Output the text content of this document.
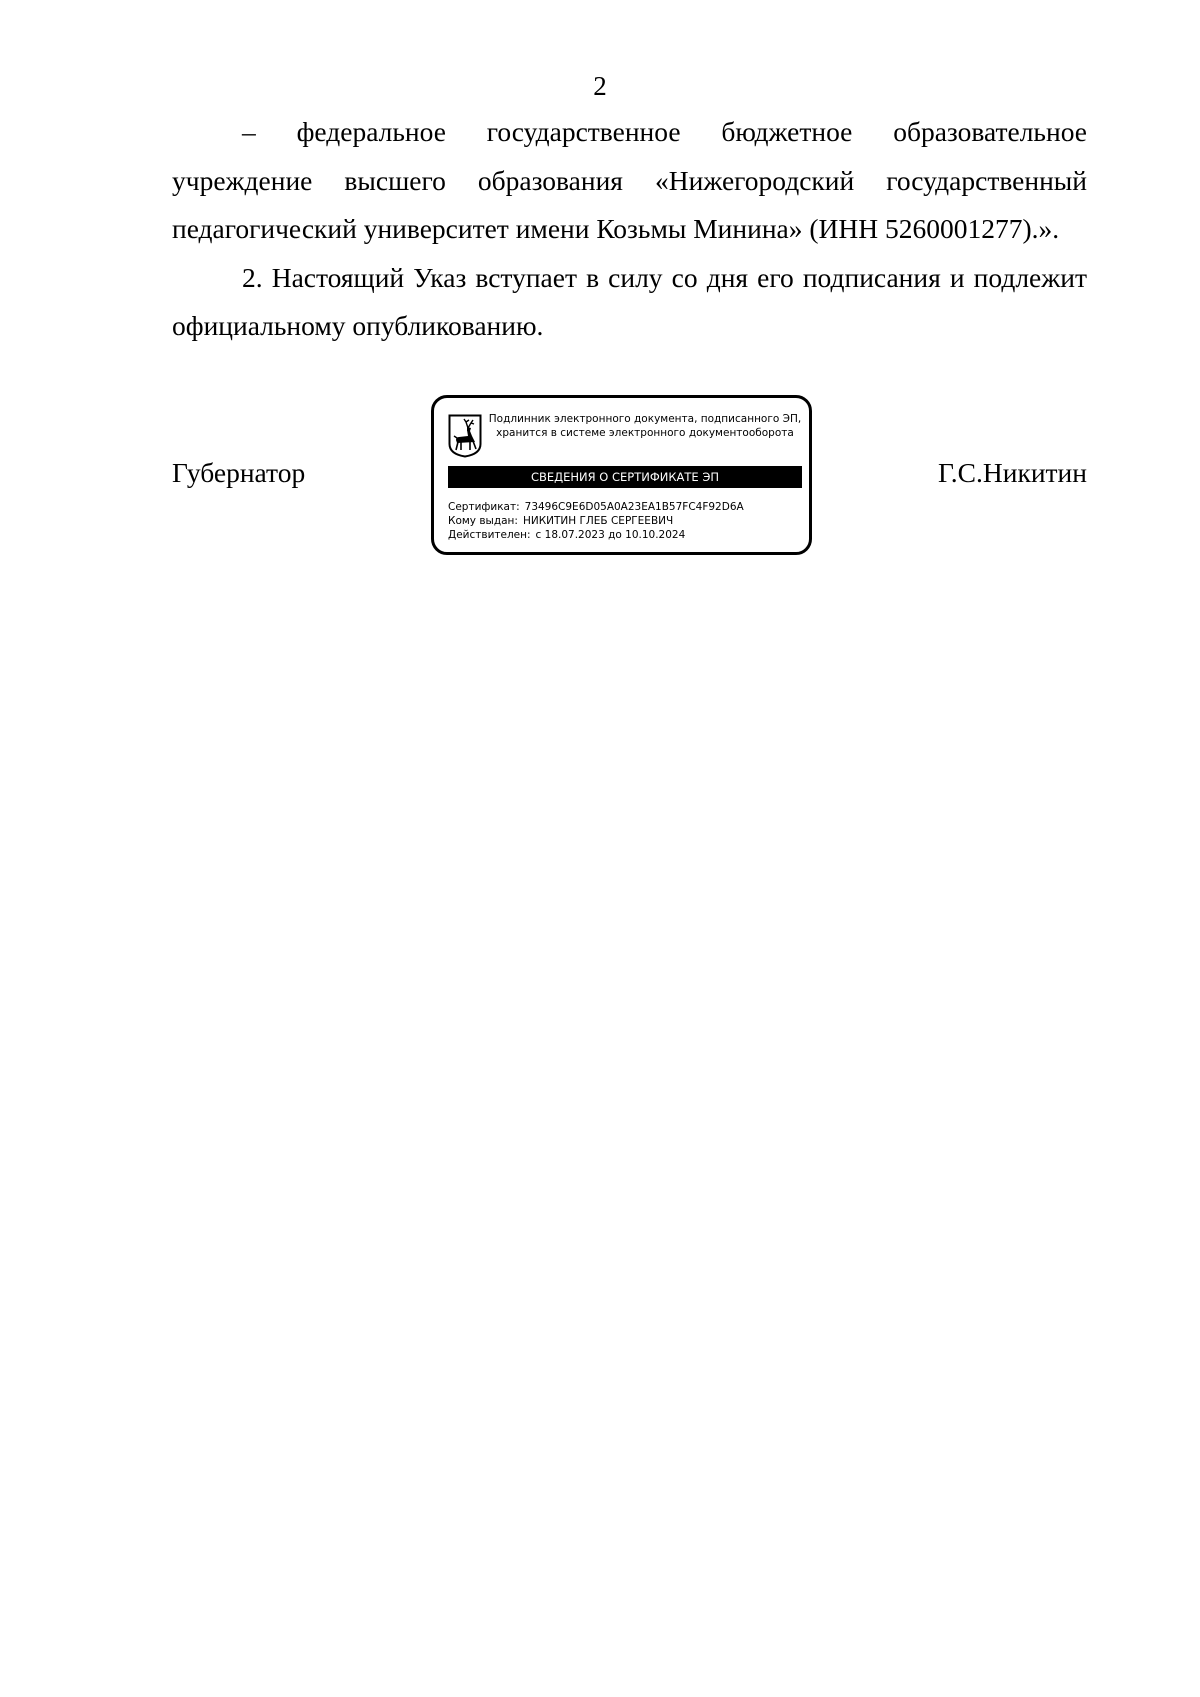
2

– федеральное государственное бюджетное образовательное учреждение высшего образования «Нижегородский государственный педагогический университет имени Козьмы Минина» (ИНН 5260001277).».

2. Настоящий Указ вступает в силу со дня его подписания и подлежит официальному опубликованию.

Губернатор
Подлинник электронного документа, подписанного ЭП,
хранится в системе электронного документооборота
СВЕДЕНИЯ О СЕРТИФИКАТЕ ЭП
Сертификат: 73496C9E6D05A0A23EA1B57FC4F92D6A
Кому выдан: НИКИТИН ГЛЕБ СЕРГЕЕВИЧ
Действителен: с 18.07.2023 до 10.10.2024
Г.С.Никитин
